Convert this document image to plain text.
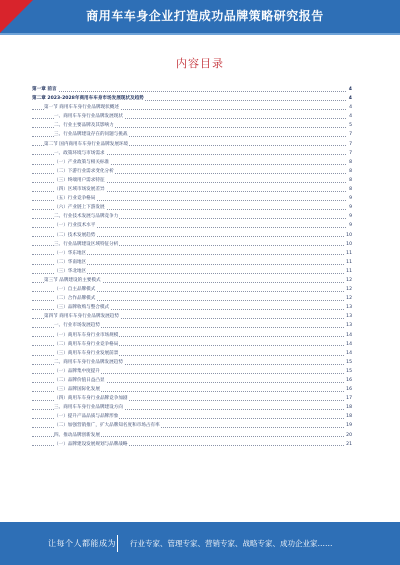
商用车车身企业打造成功品牌策略研究报告
内容目录
第一章 前言	4
第二章 2023-2028年商用车车身市场发展现状及趋势	4
第一节 商用车车身行业品牌现状概述	4
一、商用车车身行业品牌发展现状	4
二、行业主要品牌及其影响力	5
三、行业品牌建设存在的问题与挑战	7
第二节 国内商用车车身行业品牌发展环境	7
一、政策环境与市场需求	7
（一）产业政策与相关标准	8
（二）下游行业需求变化分析	8
（三）终端用户需求特征	8
（四）区域市场发展差异	8
（五）行业竞争格局	9
（六）产业链上下游发展	9
二、行业技术发展与品牌竞争力	9
（一）行业技术水平	9
（二）技术发展趋势	10
三、行业品牌建设区域特征分析	10
（一）华东地区	11
（二）华南地区	11
（三）华北地区	11
第三节 品牌建设的主要模式	12
（一）自主品牌模式	12
（二）合作品牌模式	12
（三）品牌收购与整合模式	13
第四节 商用车车身行业品牌发展趋势	13
一、行业市场发展趋势	13
（一）商用车车身行业市场规模	14
（二）商用车车身行业竞争格局	14
（三）商用车车身行业发展前景	14
二、商用车车身行业品牌发展趋势	15
（一）品牌集中度提升	15
（二）品牌价值日益凸显	16
（三）品牌国际化发展	16
（四）商用车车身行业品牌竞争加剧	17
三、商用车车身行业品牌建设方向	18
（一）提升产品品质与品牌形象	18
（二）加强营销推广，扩大品牌知名度和市场占有率	19
四、推动品牌创新发展	20
（一）品牌建设发展规划与品牌战略	21
让每个人都能成为 行业专家、管理专家、营销专家、战略专家、成功企业家……
